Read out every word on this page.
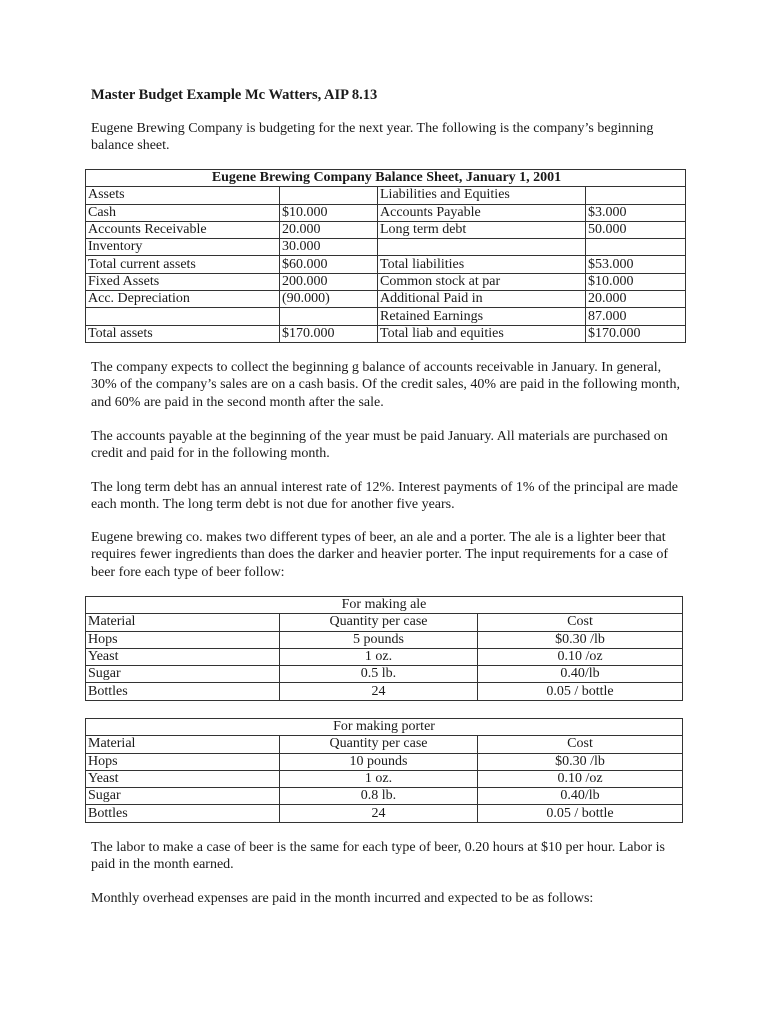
Master Budget Example Mc Watters, AIP 8.13

Eugene Brewing Company is budgeting for the next year. The following is the company’s beginning balance sheet.

Eugene Brewing Company Balance Sheet, January 1, 2001			
Assets		Liabilities and Equities	
Cash	$10.000	Accounts Payable	$3.000
Accounts Receivable	20.000	Long term debt	50.000
Inventory	30.000		
Total current assets	$60.000	Total liabilities	$53.000
Fixed Assets	200.000	Common stock at par	$10.000
Acc. Depreciation	(90.000)	Additional Paid in	20.000
		Retained Earnings	87.000
Total assets	$170.000	Total liab and equities	$170.000

The company expects to collect the beginning g balance of accounts receivable in January. In general, 30% of the company’s sales are on a cash basis. Of the credit sales, 40% are paid in the following month, and 60% are paid in the second month after the sale.

The accounts payable at the beginning of the year must be paid January. All materials are purchased on credit and paid for in the following month.

The long term debt has an annual interest rate of 12%. Interest payments of 1% of the principal are made each month. The long term debt is not due for another five years.

Eugene brewing co. makes two different types of beer, an ale and a porter. The ale is a lighter beer that requires fewer ingredients than does the darker and heavier porter. The input requirements for a case of beer fore each type of beer follow:

For making ale		
Material	Quantity per case	Cost
Hops	5 pounds	$0.30 /lb
Yeast	1 oz.	0.10 /oz
Sugar	0.5 lb.	0.40/lb
Bottles	24	0.05 / bottle
For making porter		
Material	Quantity per case	Cost
Hops	10 pounds	$0.30 /lb
Yeast	1 oz.	0.10 /oz
Sugar	0.8 lb.	0.40/lb
Bottles	24	0.05 / bottle

The labor to make a case of beer is the same for each type of beer, 0.20 hours at $10 per hour. Labor is paid in the month earned.

Monthly overhead expenses are paid in the month incurred and expected to be as follows:
